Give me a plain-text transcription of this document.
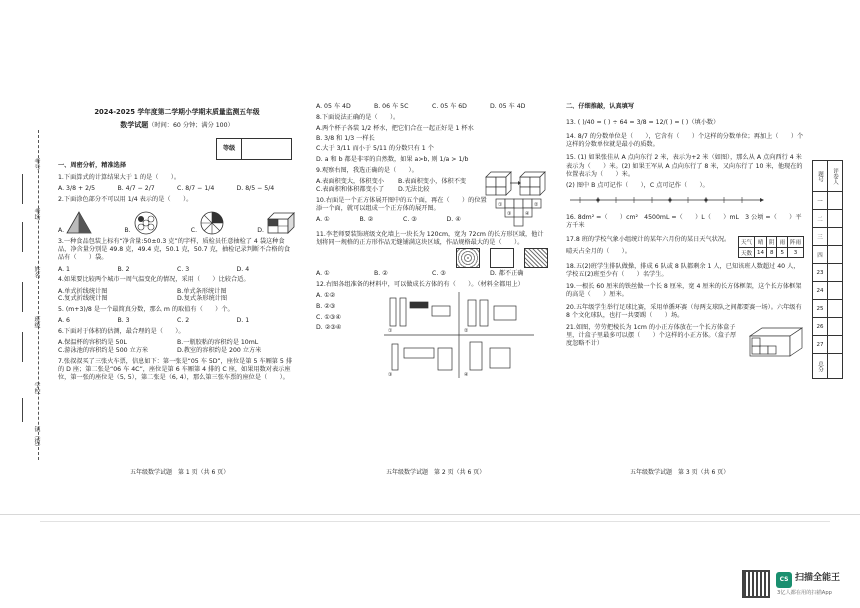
考号
考场
姓名
班级
学校
镇（街）
2024-2025 学年度第二学期小学期末质量监测五年级
数学试题（时间：60 分钟；满分 100）
等级
一、周密分析，精准选择
1.下面算式的计算结果大于 1 的是（　　）。
A. 3/8 + 2/5	B. 4/7 − 2/7	C. 8/7 − 1/4	D. 8/5 − 5/4
2.下面涂色部分不可以用 1/4 表示的是（　　）。
A.	B.	C.	D.
3.一种食品包装上标有“净含量:50±0.3 克”的字样，质检员任意抽检了 4 袋这种食品，净含量分别是 49.8 克，49.4 克，50.1 克，50.7 克，抽检记录判断不合格的食品有（　　）袋。
A. 1	B. 2	C. 3	D. 4
4.如果要比较两个城市一周气温变化的情况，采用（　　）比较合适。
A.单式折线统计图	B.单式条形统计图
C.复式折线统计图	D.复式条形统计图
5. (m+3)/8 是一个最简真分数，那么 m 的取值有（　　）个。
A. 6	B. 3	C. 2	D. 1
6.下面对于体积的估测，最合理的是（　　）。
A.保温杯的容积约是 50L	B.一瓶胶粘的容积约是 10mL
C.游泳池的容积约是 500 立方米	D.教室的容积约是 200 立方米
7.张叔叔买了三张火车票，信息如下：第一张是“05 车 5D”，座位是第 5 车厢第 5 排的 D 座；第二张是“06 车 4C”，座位是第 6 车厢第 4 排的 C 座，如果用数对表示座位，第一张的座位是（5, 5），第二张是（6, 4），那么第三张车票的座位是（　　）。
五年级数学试题　第 1 页（共 6 页）
A. 05 车 4D	B. 06 车 5C	C. 05 车 6D	D. 05 车 4D
8.下面说法正确的是（　　）。
A.两个杯子各装 1/2 杯水，把它们合在一起正好是 1 杯水
B. 3/8 和 1/3 一样长
C.大于 3/11 而小于 5/11 的分数只有 1 个
D. a 和 b 都是非零的自然数，如果 a>b, 则 1/a > 1/b
9.观察右图，我选正确的是（　　）。
A.表面积变大，体积变小	B.表面积变小，体积不变
C.表面积和体积都变小了	D.无法比较
10.右面是一个正方体展开图中的五个面，再在（　　）的位置添一个面，就可以组成一个正方体的展开图。
A. ①	B. ②	C. ③	D. ④
①	②
③	④
11.李老师要装饰班级文化墙上一块长为 120cm，宽为 72cm 的长方形区域，他计划将同一规格的正方形作品无缝铺满这块区域，作品规格最大的是（　　）。
A. ①	B. ②	C. ③	D. 都不正确
12.右图各组准备的材料中，可以做成长方体的有（　　）。（材料全都用上）
A. ①②
B. ②③
C. ①③④
D. ②③④	①	②
③	④
五年级数学试题　第 2 页（共 6 页）
二、仔细推敲，认真填写
13. ( )/40 = ( ) ÷ 64 = 3/8 = 12/( ) = ( )（填小数）
14. 8/7 的分数单位是（　　），它含有（　　）个这样的分数单位；再加上（　　）个这样的分数单位就是最小的质数。
15. (1) 如果张佳从 A 点向东行 2 米，表示为+2 米（如图），那么从 A 点向西行 4 米表示为（　　）米。(2) 如果王军从 A 点向东行了 8 米，又向东行了 10 米，他现在的位置表示为（　　）米。
(2) 图中 B 点可记作（　　），C 点可记作（　　）。
16. 8dm² =（　　）cm²　4500mL =（　　）L（　　）mL　3 公顷 =（　　）平方千米
17.8 班的学校气象小组统计的某年六月份的某日天气状况。
晴天占全月的（　　）。
天气	晴	阴	雨	阵雨
天数	14	8	5	3
18.五(2)班学生排队做操，排成 6 队或 8 队都剩余 1 人，已知该班人数超过 40 人，学校五(2)班至少有（　　）名学生。
19.一根长 60 厘米的铁丝做一个长 8 厘米，宽 4 厘米的长方体框架，这个长方体框架的高是（　　）厘米。
20.五年级学生举行足球比赛，采用单循环赛（每两支球队之间都要赛一场）。六年级有 8 个文化球队，也打一共要踢（　　）场。
21.如图，劳劳把棱长为 1cm 的小正方体放在一个长方体盒子里，计盒子里最多可以摆（　　）个这样的小正方体。（盒子厚度忽略不计）
五年级数学试题　第 3 页（共 6 页）
题号	评卷人
一	
二	
三	
四	
23	
24	
25	
26	
27	
总分	
CS 扫描全能王
3亿人都在用的扫描App
